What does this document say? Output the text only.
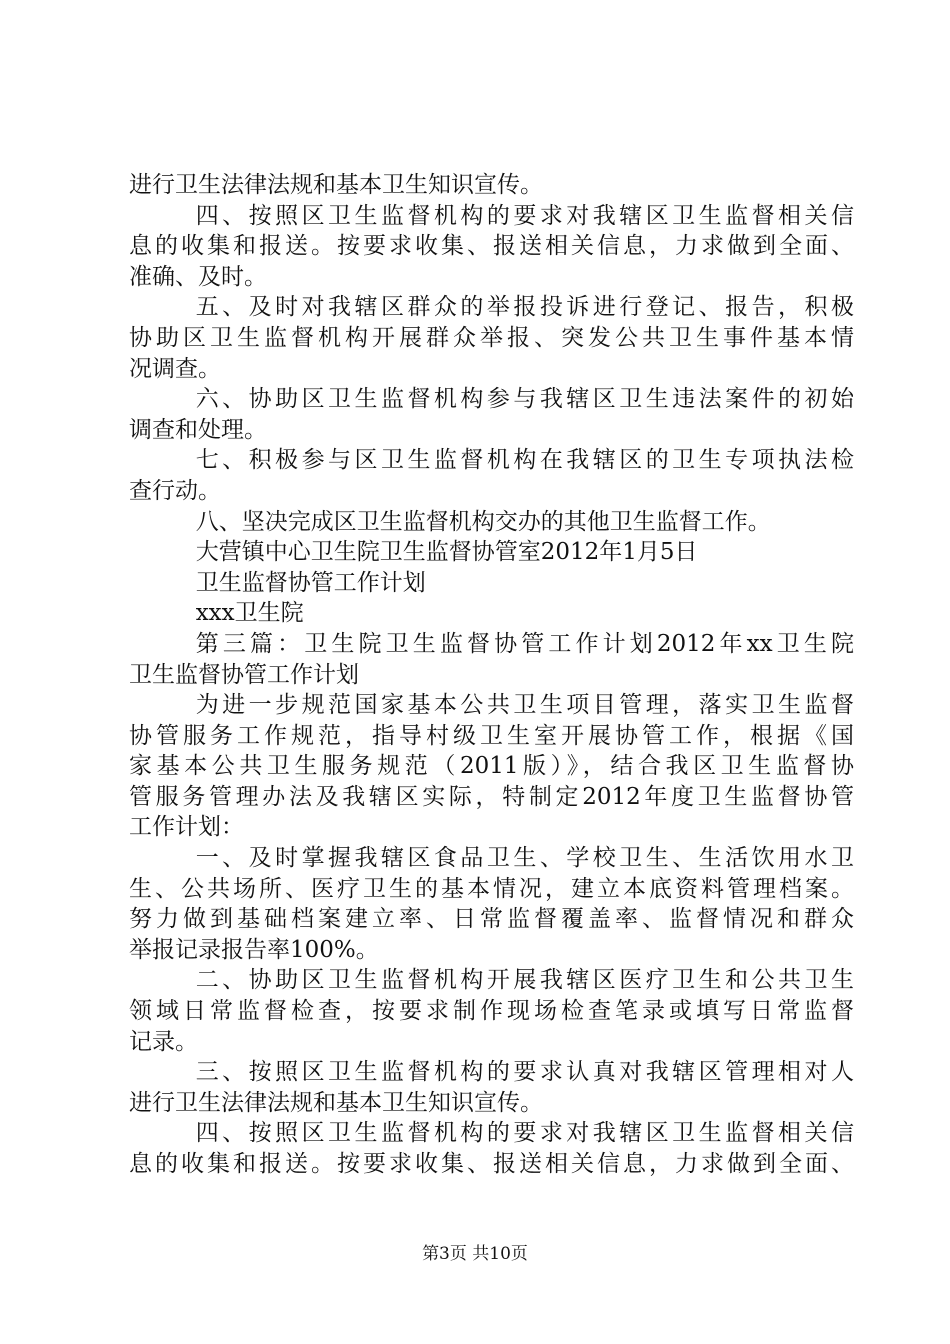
进行卫生法律法规和基本卫生知识宣传。
四、按照区卫生监督机构的要求对我辖区卫生监督相关信
息的收集和报送。按要求收集、报送相关信息，力求做到全面、
准确、及时。
五、及时对我辖区群众的举报投诉进行登记、报告，积极
协助区卫生监督机构开展群众举报、突发公共卫生事件基本情
况调查。
六、协助区卫生监督机构参与我辖区卫生违法案件的初始
调查和处理。
七、积极参与区卫生监督机构在我辖区的卫生专项执法检
查行动。
八、坚决完成区卫生监督机构交办的其他卫生监督工作。
大营镇中心卫生院卫生监督协管室2012年1月5日
卫生监督协管工作计划
xxx卫生院
第三篇：卫生院卫生监督协管工作计划2012年xx卫生院
卫生监督协管工作计划
为进一步规范国家基本公共卫生项目管理，落实卫生监督
协管服务工作规范，指导村级卫生室开展协管工作，根据《国
家基本公共卫生服务规范（2011版）》，结合我区卫生监督协
管服务管理办法及我辖区实际，特制定2012年度卫生监督协管
工作计划：
一、及时掌握我辖区食品卫生、学校卫生、生活饮用水卫
生、公共场所、医疗卫生的基本情况，建立本底资料管理档案。
努力做到基础档案建立率、日常监督覆盖率、监督情况和群众
举报记录报告率100%。
二、协助区卫生监督机构开展我辖区医疗卫生和公共卫生
领域日常监督检查，按要求制作现场检查笔录或填写日常监督
记录。
三、按照区卫生监督机构的要求认真对我辖区管理相对人
进行卫生法律法规和基本卫生知识宣传。
四、按照区卫生监督机构的要求对我辖区卫生监督相关信
息的收集和报送。按要求收集、报送相关信息，力求做到全面、
第3页 共10页
